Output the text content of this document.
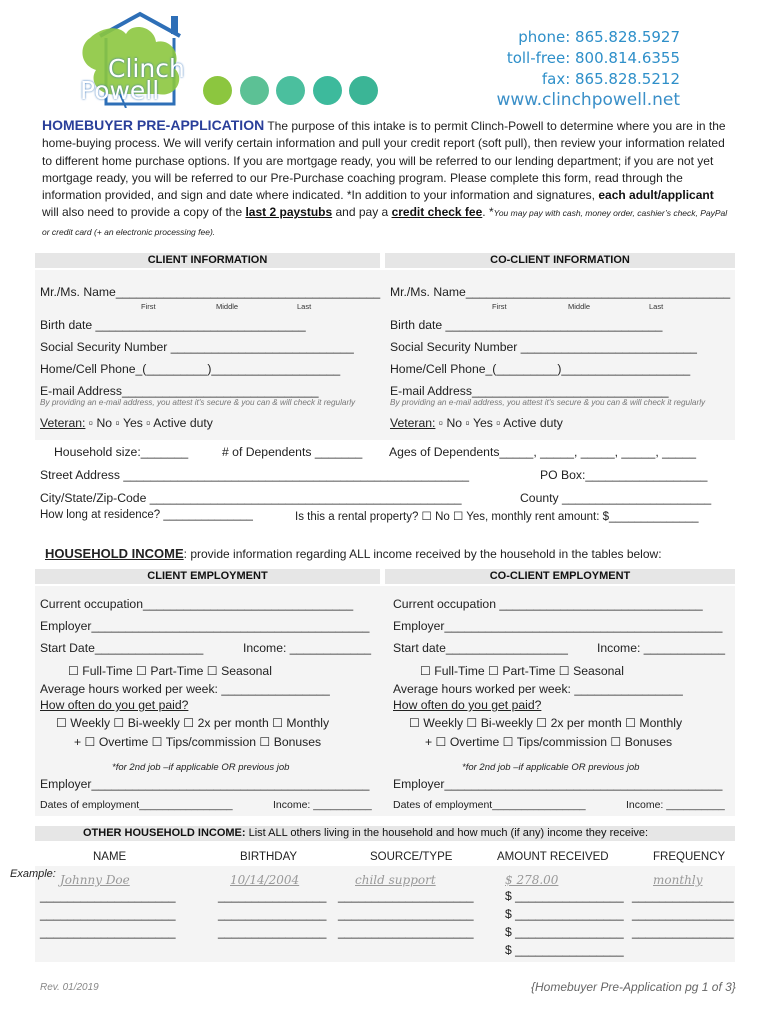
Clinch
Powell
phone: 865.828.5927
toll-free: 800.814.6355
fax: 865.828.5212
www.clinchpowell.net
HOMEBUYER PRE-APPLICATION The purpose of this intake is to permit Clinch-Powell to determine where you are in the home-buying process. We will verify certain information and pull your credit report (soft pull), then review your information related to different home purchase options. If you are mortgage ready, you will be referred to our lending department; if you are not yet mortgage ready, you will be referred to our Pre-Purchase coaching program. Please complete this form, read through the information provided, and sign and date where indicated. *In addition to your information and signatures, each adult/applicant will also need to provide a copy of the last 2 paystubs and pay a credit check fee. *You may pay with cash, money order, cashier’s check, PayPal or credit card (+ an electronic processing fee).
CLIENT INFORMATION	CO-CLIENT INFORMATION
Mr./Ms. Name_______________________________________
First	Middle	Last
Birth date _______________________________
Social Security Number ___________________________
Home/Cell Phone_(_________)___________________
E-mail Address_____________________________
By providing an e-mail address, you attest it's secure & you can & will check it regularly
Veteran: ▫ No ▫ Yes ▫ Active duty
Mr./Ms. Name_______________________________________
First	Middle	Last
Birth date ________________________________
Social Security Number __________________________
Home/Cell Phone_(_________)___________________
E-mail Address_____________________________
By providing an e-mail address, you attest it's secure & you can & will check it regularly
Veteran: ▫ No ▫ Yes ▫ Active duty
Household size:_______	# of Dependents _______ Ages of Dependents_____, _____, _____, _____, _____
Street Address ___________________________________________________	PO Box:__________________
City/State/Zip-Code ______________________________________________	County ______________________
How long at residence? ______________	Is this a rental property? ☐ No ☐ Yes, monthly rent amount: $______________
HOUSEHOLD INCOME: provide information regarding ALL income received by the household in the tables below:
CLIENT EMPLOYMENT	CO-CLIENT EMPLOYMENT
Current occupation_______________________________
Employer_________________________________________
Start Date________________	Income: ____________
☐ Full-Time ☐ Part-Time ☐ Seasonal
Average hours worked per week: ________________
How often do you get paid?
☐ Weekly ☐ Bi-weekly ☐ 2x per month ☐ Monthly
+ ☐ Overtime ☐ Tips/commission ☐ Bonuses
*for 2nd job –if applicable OR previous job
Employer_________________________________________
Dates of employment________________	Income: __________
Current occupation ______________________________
Employer_________________________________________
Start date__________________ Income: ____________
☐ Full-Time ☐ Part-Time ☐ Seasonal
Average hours worked per week: ________________
How often do you get paid?
☐ Weekly ☐ Bi-weekly ☐ 2x per month ☐ Monthly
+ ☐ Overtime ☐ Tips/commission ☐ Bonuses
*for 2nd job –if applicable OR previous job
Employer_________________________________________
Dates of employment________________	Income: __________
OTHER HOUSEHOLD INCOME: List ALL others living in the household and how much (if any) income they receive:
NAME	BIRTHDAY	SOURCE/TYPE	AMOUNT RECEIVED	FREQUENCY
Example: Johnny Doe	10/14/2004	child support	$ 278.00	monthly
____________________	________________ ____________________	$ ________________ _______________
____________________	________________ ____________________	$ ________________ _______________
____________________	________________ ____________________	$ ________________ _______________
$ ________________
Rev. 01/2019	{Homebuyer Pre-Application pg 1 of 3}
